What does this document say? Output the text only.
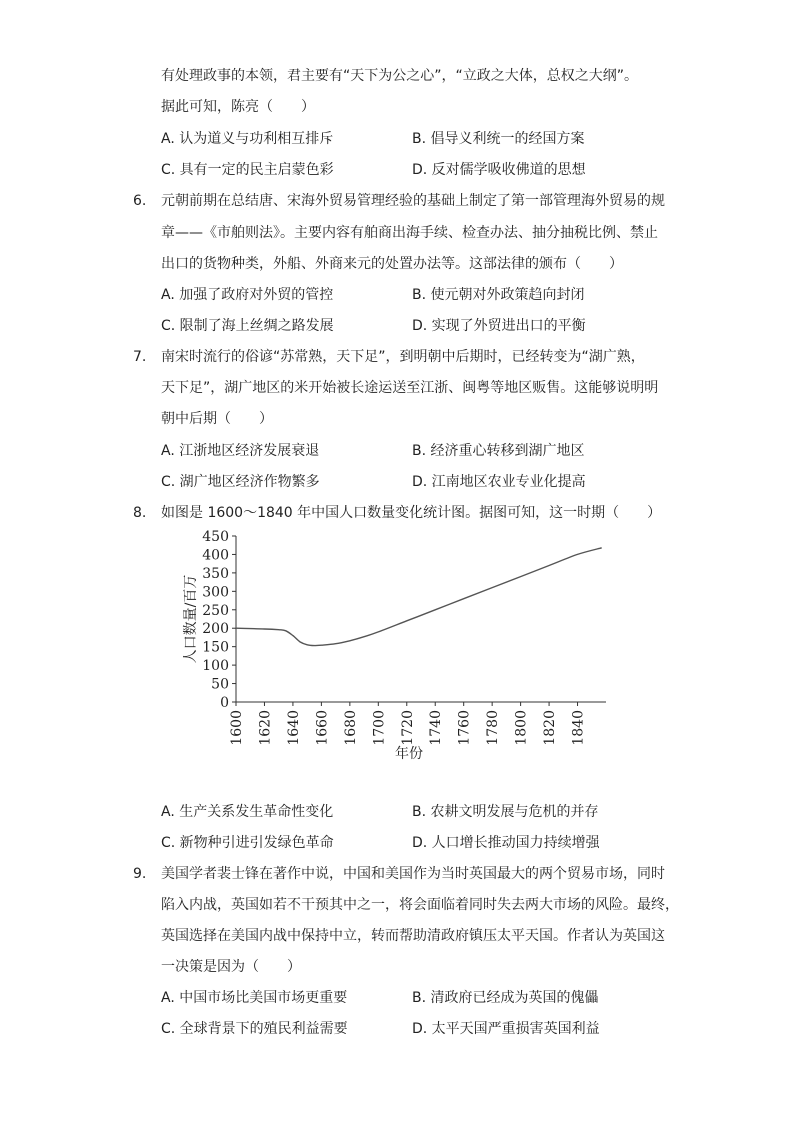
有处理政事的本领，君主要有“天下为公之心”，“立政之大体，总权之大纲”。
据此可知，陈亮（　　）
A. 认为道义与功利相互排斥	B. 倡导义利统一的经国方案
C. 具有一定的民主启蒙色彩	D. 反对儒学吸收佛道的思想
6. 元朝前期在总结唐、宋海外贸易管理经验的基础上制定了第一部管理海外贸易的规
章——《市舶则法》。主要内容有舶商出海手续、检查办法、抽分抽税比例、禁止
出口的货物种类，外船、外商来元的处置办法等。这部法律的颁布（　　）
A. 加强了政府对外贸的管控	B. 使元朝对外政策趋向封闭
C. 限制了海上丝绸之路发展	D. 实现了外贸进出口的平衡
7. 南宋时流行的俗谚“苏常熟，天下足”，到明朝中后期时，已经转变为“湖广熟，
天下足”，湖广地区的米开始被长途运送至江浙、闽粤等地区贩售。这能够说明明
朝中后期（　　）
A. 江浙地区经济发展衰退	B. 经济重心转移到湖广地区
C. 湖广地区经济作物繁多	D. 江南地区农业专业化提高
8. 如图是 1600～1840 年中国人口数量变化统计图。据图可知，这一时期（　　）
0
50
100
150
200
250
300
350
400
450
1600 1620 1640 1660 1680 1700 1720 1740 1760 1780 1800 1820 1840
人口数量/百万
年份
A. 生产关系发生革命性变化	B. 农耕文明发展与危机的并存
C. 新物种引进引发绿色革命	D. 人口增长推动国力持续增强
9. 美国学者裴士锋在著作中说，中国和美国作为当时英国最大的两个贸易市场，同时
陷入内战，英国如若不干预其中之一，将会面临着同时失去两大市场的风险。最终，
英国选择在美国内战中保持中立，转而帮助清政府镇压太平天国。作者认为英国这
一决策是因为（　　）
A. 中国市场比美国市场更重要	B. 清政府已经成为英国的傀儡
C. 全球背景下的殖民利益需要	D. 太平天国严重损害英国利益
